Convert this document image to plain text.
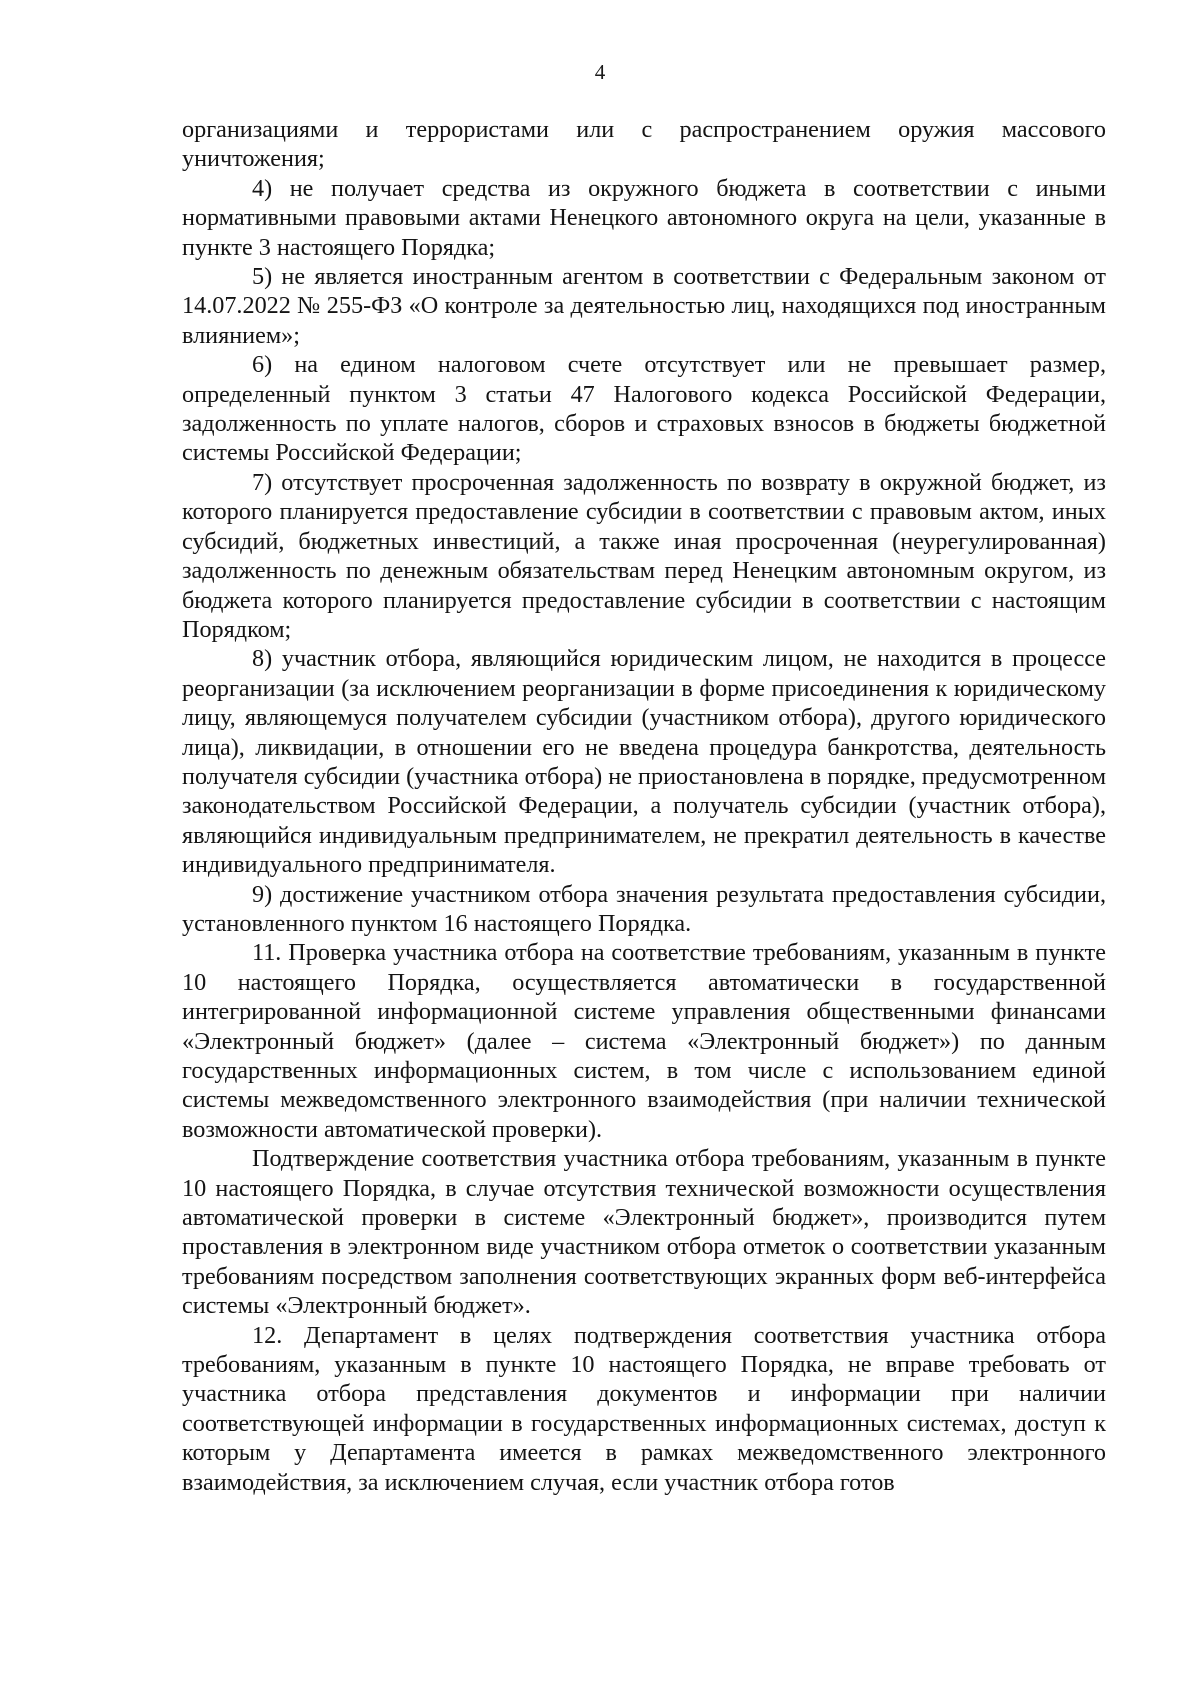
4

организациями и террористами или с распространением оружия массового уничтожения;

4) не получает средства из окружного бюджета в соответствии с иными нормативными правовыми актами Ненецкого автономного округа на цели, указанные в пункте 3 настоящего Порядка;

5) не является иностранным агентом в соответствии с Федеральным законом от 14.07.2022 № 255-ФЗ «О контроле за деятельностью лиц, находящихся под иностранным влиянием»;

6) на едином налоговом счете отсутствует или не превышает размер, определенный пунктом 3 статьи 47 Налогового кодекса Российской Федерации, задолженность по уплате налогов, сборов и страховых взносов в бюджеты бюджетной системы Российской Федерации;

7) отсутствует просроченная задолженность по возврату в окружной бюджет, из которого планируется предоставление субсидии в соответствии с правовым актом, иных субсидий, бюджетных инвестиций, а также иная просроченная (неурегулированная) задолженность по денежным обязательствам перед Ненецким автономным округом, из бюджета которого планируется предоставление субсидии в соответствии с настоящим Порядком;

8) участник отбора, являющийся юридическим лицом, не находится в процессе реорганизации (за исключением реорганизации в форме присоединения к юридическому лицу, являющемуся получателем субсидии (участником отбора), другого юридического лица), ликвидации, в отношении его не введена процедура банкротства, деятельность получателя субсидии (участника отбора) не приостановлена в порядке, предусмотренном законодательством Российской Федерации, а получатель субсидии (участник отбора), являющийся индивидуальным предпринимателем, не прекратил деятельность в качестве индивидуального предпринимателя.

9) достижение участником отбора значения результата предоставления субсидии, установленного пунктом 16 настоящего Порядка.

11. Проверка участника отбора на соответствие требованиям, указанным в пункте 10 настоящего Порядка, осуществляется автоматически в государственной интегрированной информационной системе управления общественными финансами «Электронный бюджет» (далее – система «Электронный бюджет») по данным государственных информационных систем, в том числе с использованием единой системы межведомственного электронного взаимодействия (при наличии технической возможности автоматической проверки).

Подтверждение соответствия участника отбора требованиям, указанным в пункте 10 настоящего Порядка, в случае отсутствия технической возможности осуществления автоматической проверки в системе «Электронный бюджет», производится путем проставления в электронном виде участником отбора отметок о соответствии указанным требованиям посредством заполнения соответствующих экранных форм веб-интерфейса системы «Электронный бюджет».

12. Департамент в целях подтверждения соответствия участника отбора требованиям, указанным в пункте 10 настоящего Порядка, не вправе требовать от участника отбора представления документов и информации при наличии соответствующей информации в государственных информационных системах, доступ к которым у Департамента имеется в рамках межведомственного электронного взаимодействия, за исключением случая, если участник отбора готов
